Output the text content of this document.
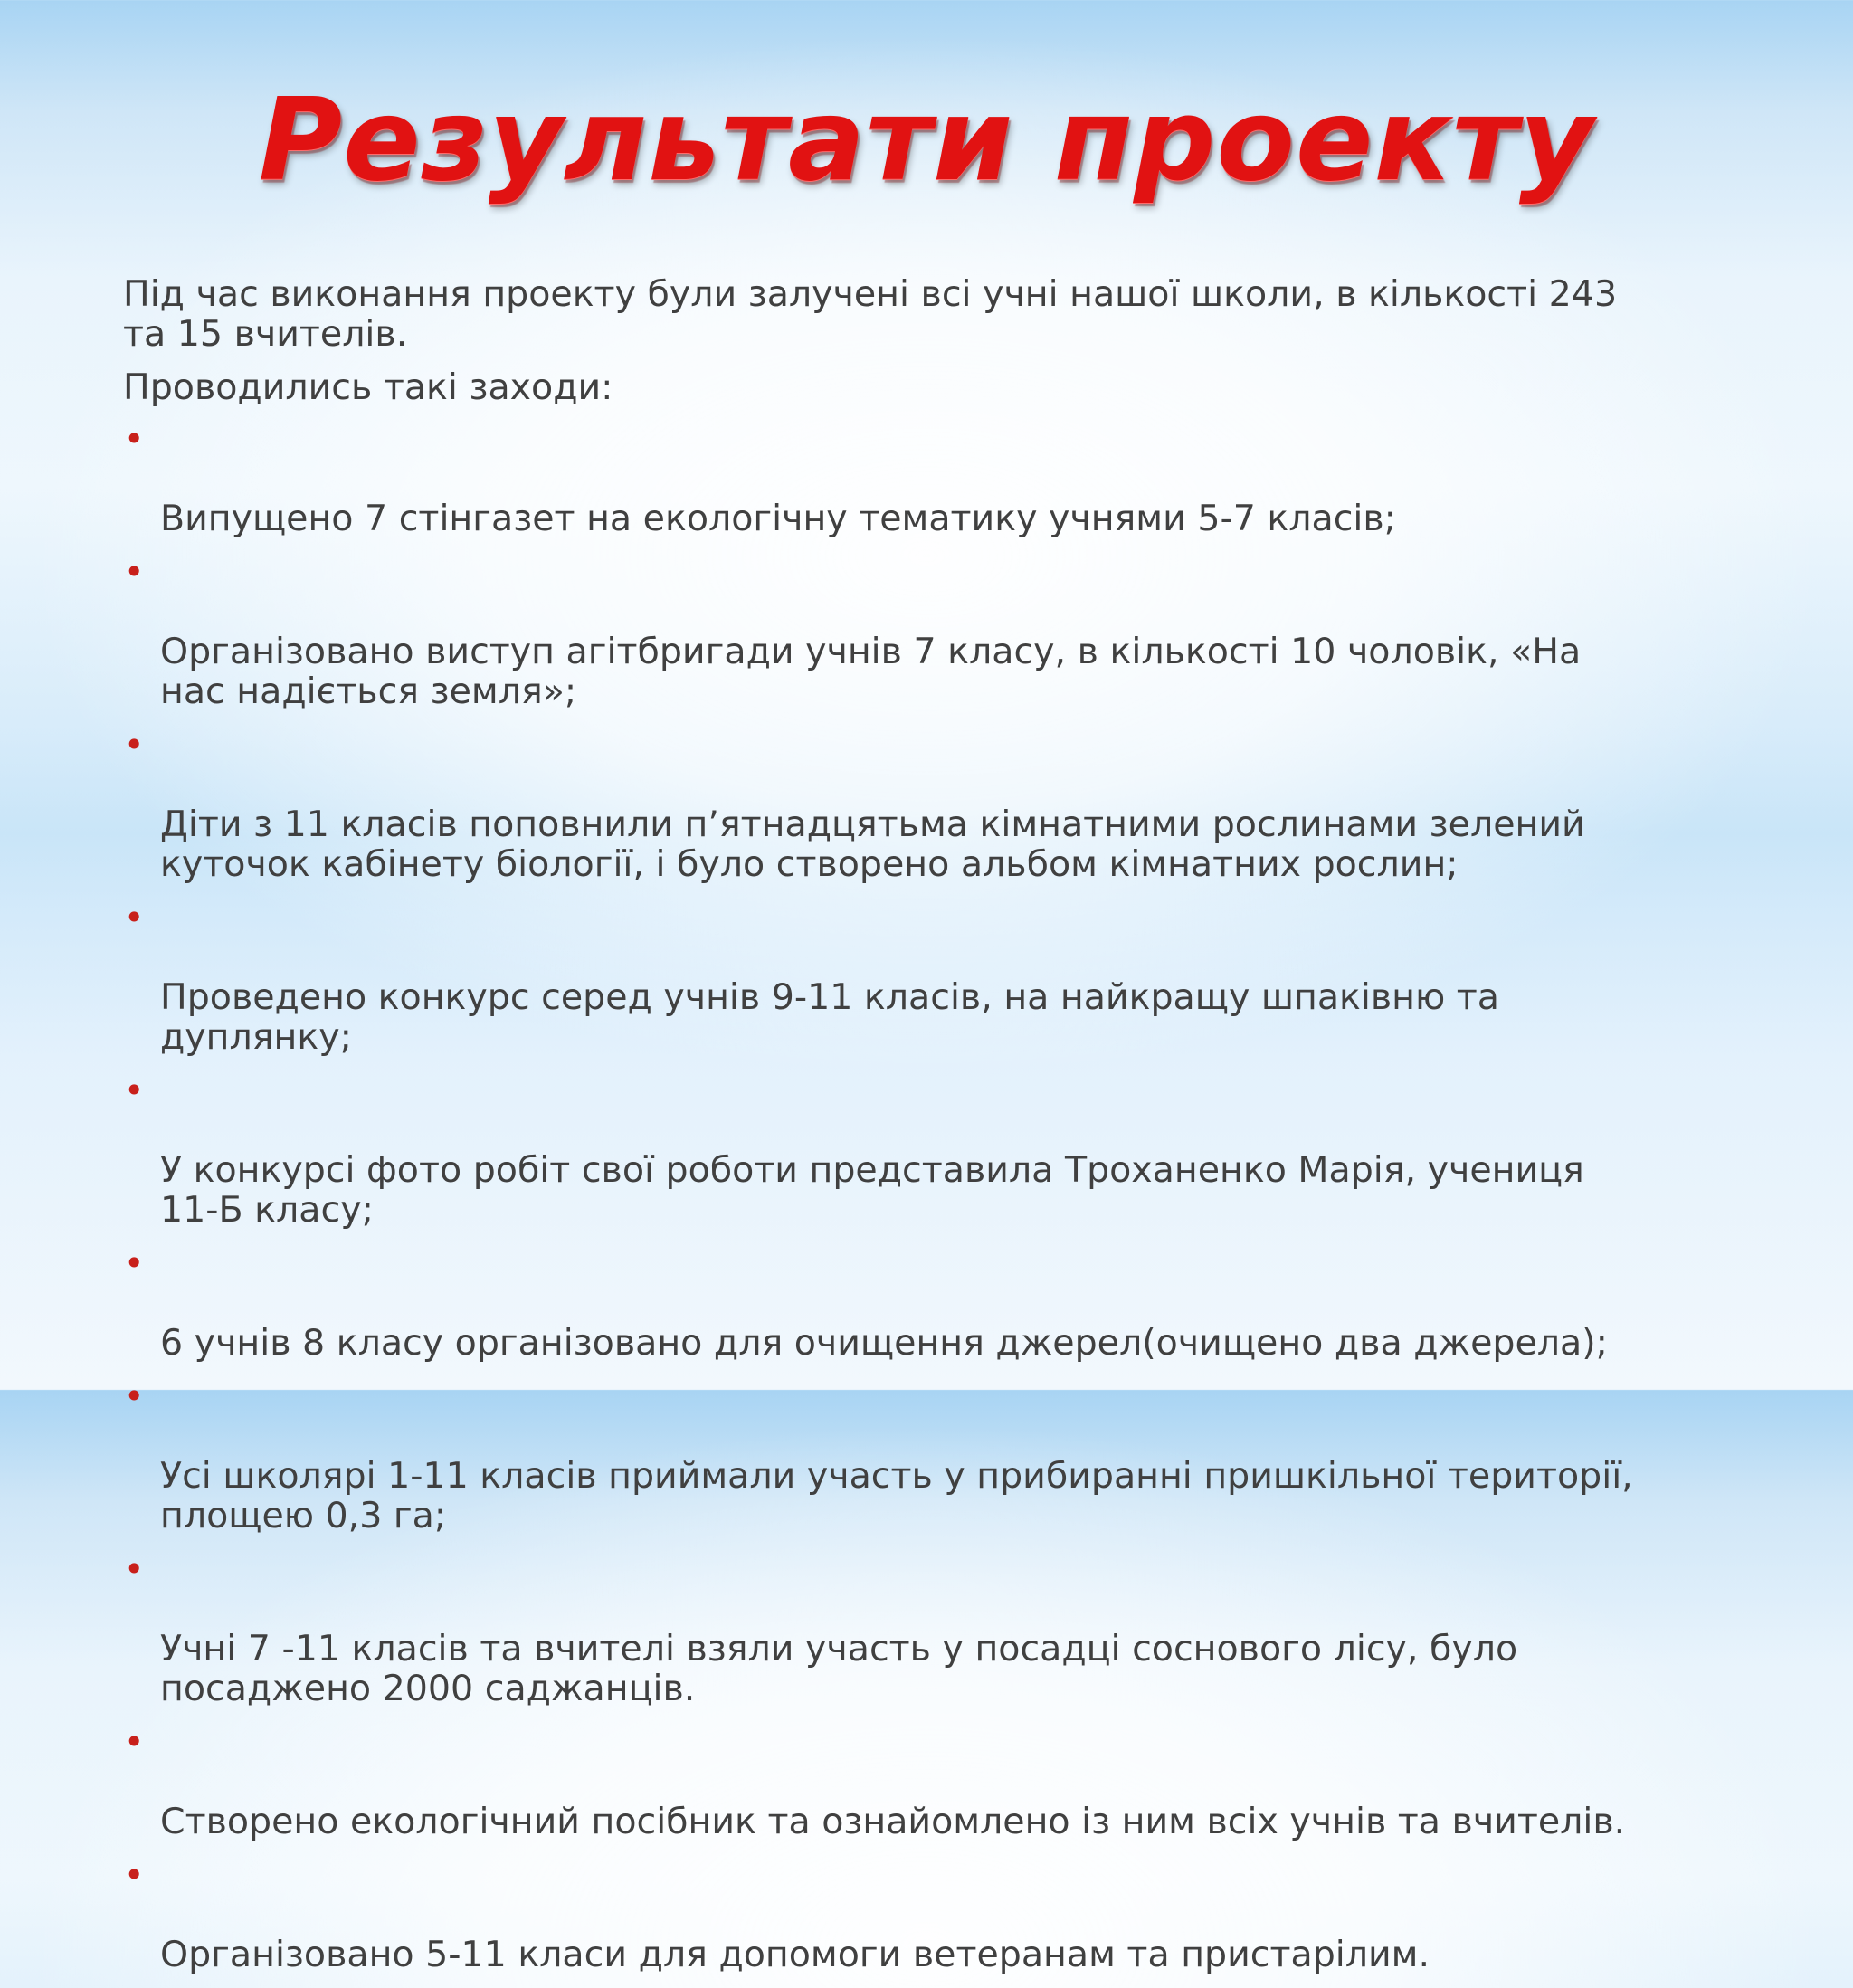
Результати проекту

Під час виконання проекту були залучені всі учні нашої школи, в кількості 243
та 15 вчителів.

Проводились такі заходи:

•

Випущено 7 стінгазет на екологічну тематику учнями 5-7 класів;

•

Організовано виступ агітбригади учнів 7 класу, в кількості 10 чоловік, «На
нас надіється земля»;

•

Діти з 11 класів поповнили п’ятнадцятьма кімнатними рослинами зелений
куточок кабінету біології, і було створено альбом кімнатних рослин;

•

Проведено конкурс серед учнів 9-11 класів, на найкращу шпаківню та
дуплянку;

•

У конкурсі фото робіт свої роботи представила Троханенко Марія, учениця
11-Б класу;

•

6 учнів 8 класу організовано для очищення джерел(очищено два джерела);

•

Усі школярі 1-11 класів приймали участь у прибиранні пришкільної території,
площею 0,3 га;

•

Учні 7 -11 класів та вчителі взяли участь у посадці соснового лісу, було
посаджено 2000 саджанців.

•

Створено екологічний посібник та ознайомлено із ним всіх учнів та вчителів.

•

Організовано 5-11 класи для допомоги ветеранам та пристарілим.
